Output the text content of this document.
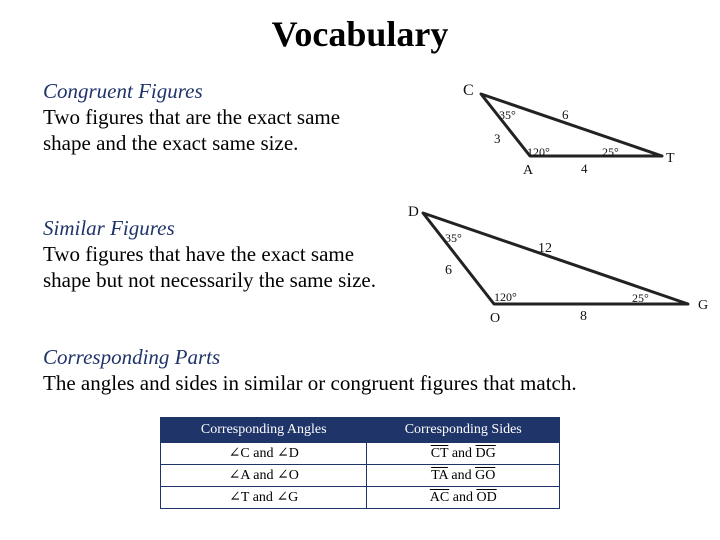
Vocabulary
Congruent Figures
Two figures that are the exact same
shape and the exact same size.
Similar Figures
Two figures that have the exact same
shape but not necessarily the same size.
Corresponding Parts
The angles and sides in similar or congruent figures that match.
C
A
T
35°
120°	25°
6
3
4
D
O
G
35°
120°	25°
12
6
8
Corresponding Angles	Corresponding Sides
∠C and ∠D	$\overline{CT}$ and $\overline{DG}$
∠A and ∠O	$\overline{TA}$ and $\overline{GO}$
∠T and ∠G	$\overline{AC}$ and $\overline{OD}$
